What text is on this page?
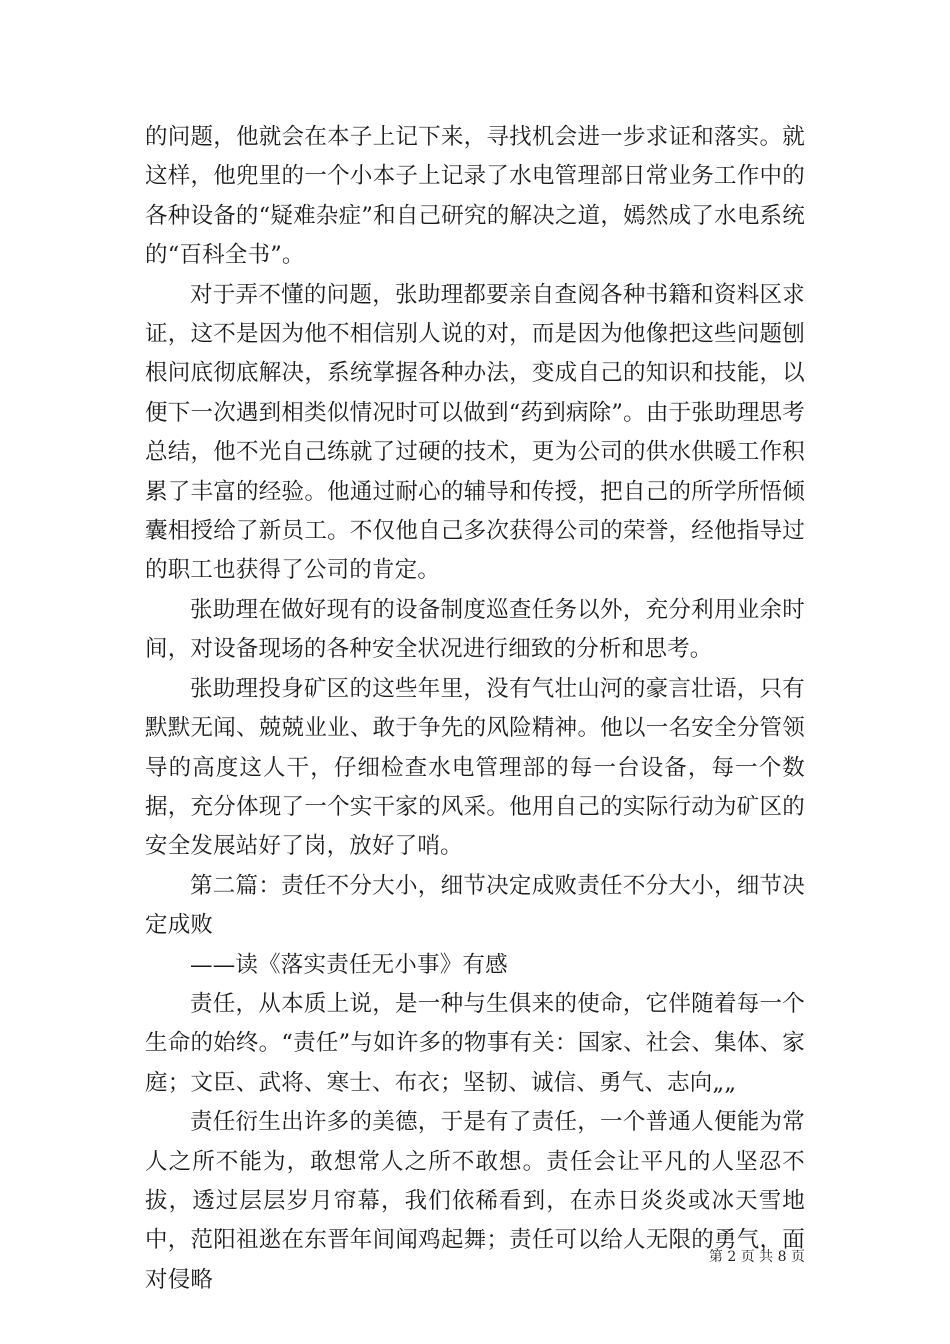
的问题，他就会在本子上记下来，寻找机会进一步求证和落实。就这样，他兜里的一个小本子上记录了水电管理部日常业务工作中的各种设备的“疑难杂症”和自己研究的解决之道，嫣然成了水电系统的“百科全书”。

对于弄不懂的问题，张助理都要亲自查阅各种书籍和资料区求证，这不是因为他不相信别人说的对，而是因为他像把这些问题刨根问底彻底解决，系统掌握各种办法，变成自己的知识和技能，以便下一次遇到相类似情况时可以做到“药到病除”。由于张助理思考总结，他不光自己练就了过硬的技术，更为公司的供水供暖工作积累了丰富的经验。他通过耐心的辅导和传授，把自己的所学所悟倾囊相授给了新员工。不仅他自己多次获得公司的荣誉，经他指导过的职工也获得了公司的肯定。

张助理在做好现有的设备制度巡查任务以外，充分利用业余时间，对设备现场的各种安全状况进行细致的分析和思考。

张助理投身矿区的这些年里，没有气壮山河的豪言壮语，只有默默无闻、兢兢业业、敢于争先的风险精神。他以一名安全分管领导的高度这人干，仔细检查水电管理部的每一台设备，每一个数据，充分体现了一个实干家的风采。他用自己的实际行动为矿区的安全发展站好了岗，放好了哨。

第二篇：责任不分大小，细节决定成败责任不分大小，细节决定成败

——读《落实责任无小事》有感

责任，从本质上说，是一种与生俱来的使命，它伴随着每一个生命的始终。“责任”与如许多的物事有关：国家、社会、集体、家庭；文臣、武将、寒士、布衣；坚韧、诚信、勇气、志向„„

责任衍生出许多的美德，于是有了责任，一个普通人便能为常人之所不能为，敢想常人之所不敢想。责任会让平凡的人坚忍不拔，透过层层岁月帘幕，我们依稀看到，在赤日炎炎或冰天雪地中，范阳祖逖在东晋年间闻鸡起舞；责任可以给人无限的勇气，面对侵略

第 2 页 共 8 页
